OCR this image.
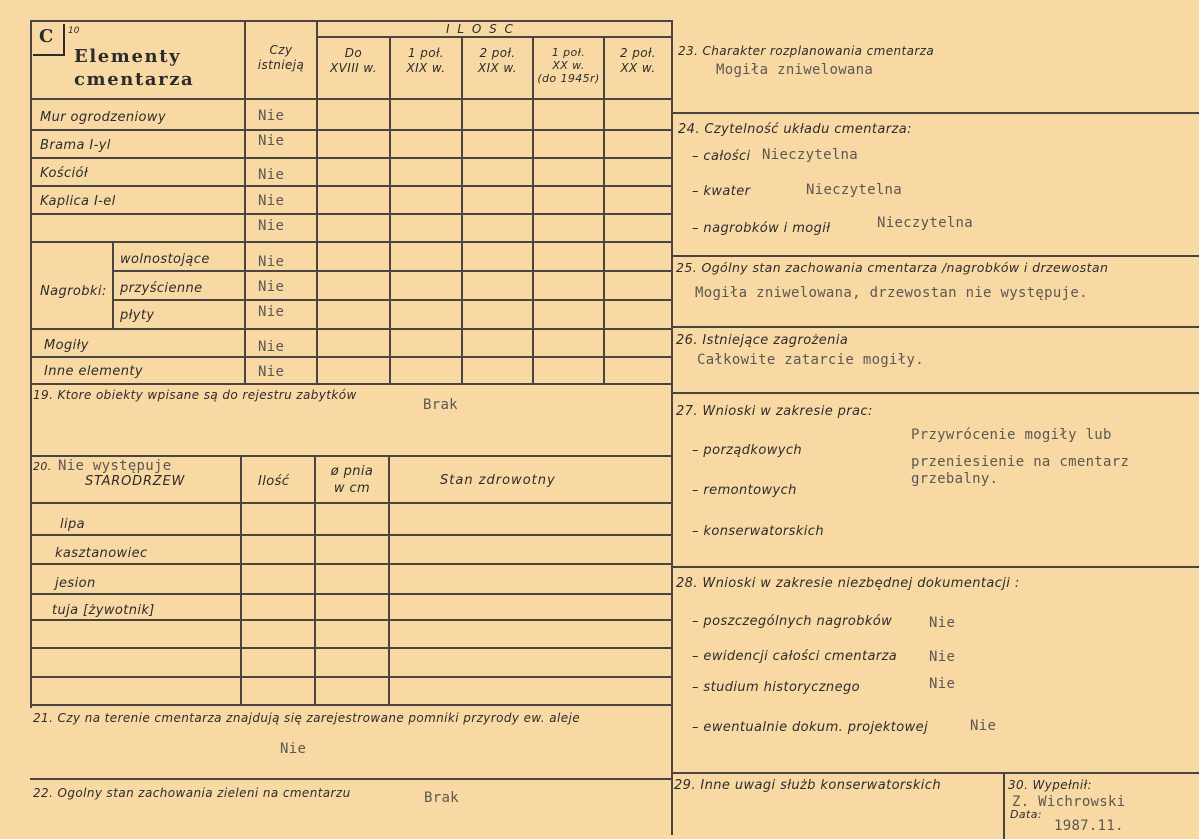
C 10
Elementy
cmentarza
Czy
istnieją
I L O S C
Do
XVIII w.
1 poł.
XIX w.
2 poł.
XIX w.
1 poł.
XX w.
(do 1945r)
2 poł.
XX w.
Mur ogrodzeniowy	Nie
Brama I-yl	Nie
Kościół	Nie
Kaplica I-el	Nie
Nie
Nagrobki:
wolnostojące	Nie
przyścienne	Nie
płyty	Nie
Mogiły	Nie
Inne elementy	Nie
19. Ktore obiekty wpisane są do rejestru zabytków
Brak
20. Nie występuje
STARODRZEW	Ilość
ø pnia
w cm
Stan zdrowotny
lipa
kasztanowiec
jesion
tuja [żywotnik]
21. Czy na terenie cmentarza znajdują się zarejestrowane pomniki przyrody ew. aleje
Nie
22. Ogolny stan zachowania zieleni na cmentarzu	Brak
23. Charakter rozplanowania cmentarza
Mogiła zniwelowana
24. Czytelność układu cmentarza:
– całości Nieczytelna
– kwater	Nieczytelna
– nagrobków i mogił	Nieczytelna
25. Ogólny stan zachowania cmentarza /nagrobków i drzewostan
Mogiła zniwelowana, drzewostan nie występuje.
26. Istniejące zagrożenia
Całkowite zatarcie mogiły.
27. Wnioski w zakresie prac:
– porządkowych
– remontowych
– konserwatorskich
Przywrócenie mogiły lub
przeniesienie na cmentarz
grzebalny.
28. Wnioski w zakresie niezbędnej dokumentacji :
– poszczególnych nagrobków	Nie
– ewidencji całości cmentarza Nie
– studium historycznego	Nie
– ewentualnie dokum. projektowej	Nie
29. Inne uwagi służb konserwatorskich	30. Wypełnił:
Z. Wichrowski
Data:
1987.11.
